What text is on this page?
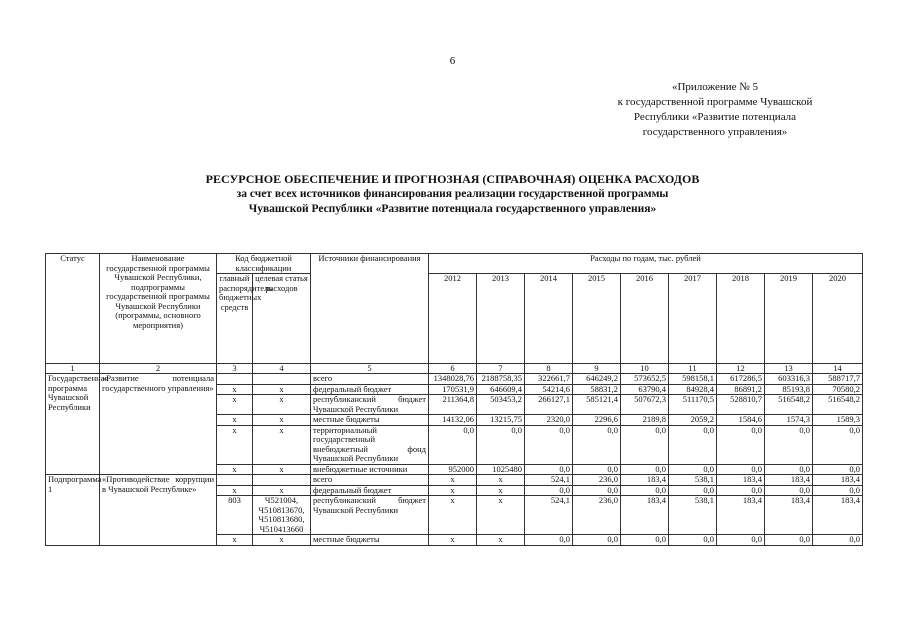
6
«Приложение № 5
к государственной программе Чувашской
Республики «Развитие потенциала
государственного управления»
РЕСУРСНОЕ ОБЕСПЕЧЕНИЕ И ПРОГНОЗНАЯ (СПРАВОЧНАЯ) ОЦЕНКА РАСХОДОВ
за счет всех источников финансирования реализации государственной программы
Чувашской Республики «Развитие потенциала государственного управления»
Статус	Наименование государственной программы Чувашской Республики, подпрограммы государственной программы Чувашской Республики (программы, основного мероприятия)	Код бюджетной классификации		Источники финансирования	Расходы по годам, тыс. рублей								
		главный распорядитель бюджетных средств	целевая статья расходов		2012	2013	2014	2015	2016	2017	2018	2019	2020

1	2	3	4	5	6	7	8	9	10	11	12	13	14
Государственная программа Чувашской Республики	«Развитие потенциала государственного управления»			всего	1348028,76	2188758,35	322661,7	646249,2	573652,5	598158,1	617286,5	603316,3	588717,7
		х	х	федеральный бюджет	170531,9	646609,4	54214,6	58831,2	63790,4	84928,4	86891,2	85193,8	70580,2
		х	х	республиканский бюджет Чувашской Республики	211364,8	503453,2	266127,1	585121,4	507672,3	511170,5	528810,7	516548,2	516548,2
		х	х	местные бюджеты	14132,06	13215,75	2320,0	2296,6	2189,8	2059,2	1584,6	1574,3	1589,3
		х	х	территориальный государственный внебюджетный фонд Чувашской Республики	0,0	0,0	0,0	0,0	0,0	0,0	0,0	0,0	0,0
		х	х	внебюджетные источники	952000	1025480	0,0	0,0	0,0	0,0	0,0	0,0	0,0
Подпрограмма 1	«Противодействие коррупции в Чувашской Республике»			всего	х	х	524,1	236,0	183,4	538,1	183,4	183,4	183,4
		х	х	федеральный бюджет	х	х	0,0	0,0	0,0	0,0	0,0	0,0	0,0
		803	Ч521004, Ч510813670, Ч510813680, Ч510413660	республиканский бюджет Чувашской Республики	х	х	524,1	236,0	183,4	538,1	183,4	183,4	183,4
		х	х	местные бюджеты	х	х	0,0	0,0	0,0	0,0	0,0	0,0	0,0
